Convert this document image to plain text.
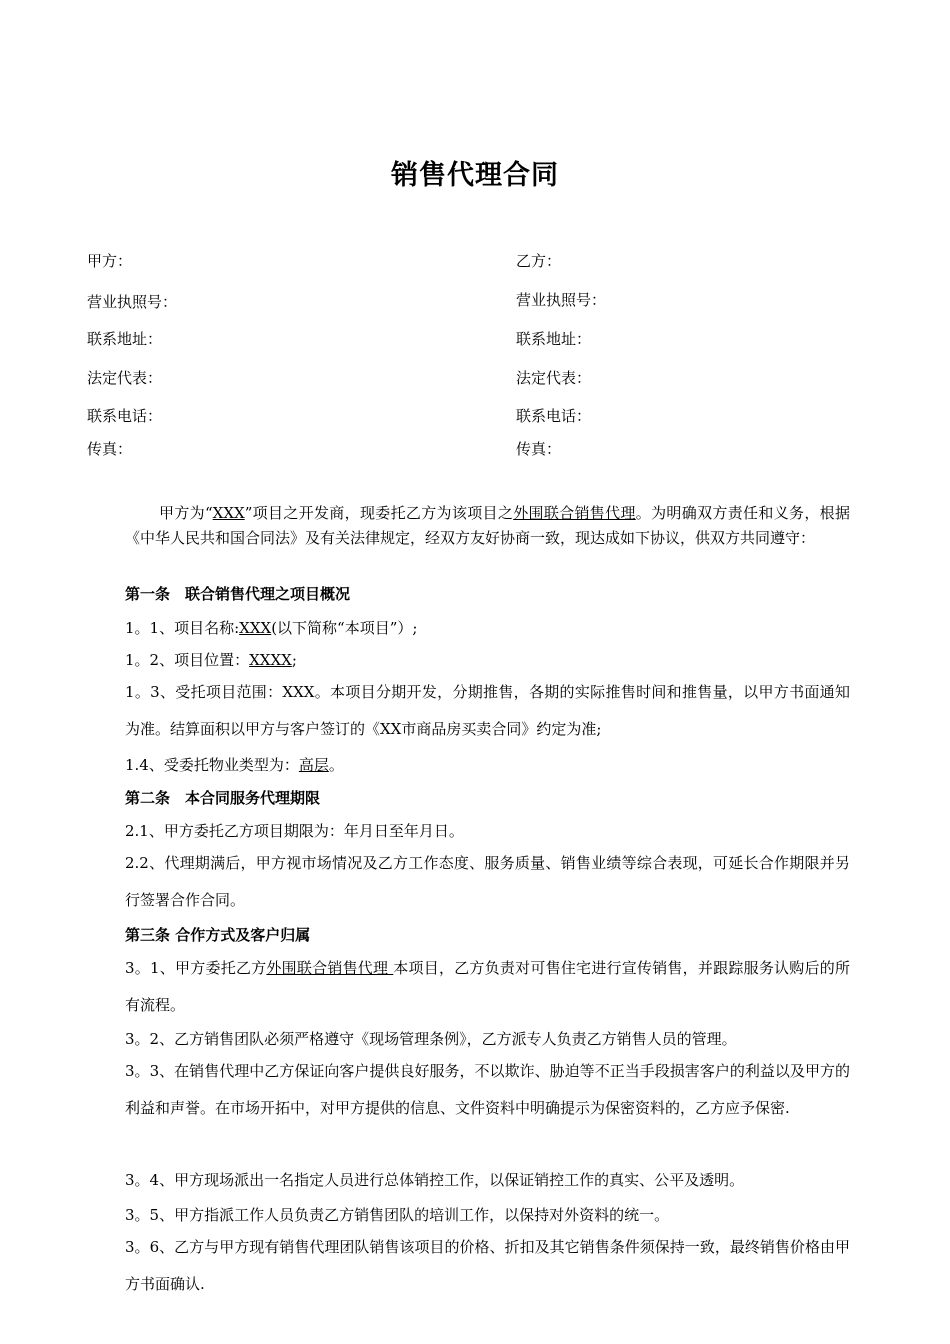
销售代理合同
甲方：
营业执照号：
联系地址：
法定代表：
联系电话：
传真：
乙方：
营业执照号：
联系地址：
法定代表：
联系电话：
传真：
甲方为“XXX”项目之开发商，现委托乙方为该项目之外围联合销售代理。为明确双方责任和义务，根据《中华人民共和国合同法》及有关法律规定，经双方友好协商一致，现达成如下协议，供双方共同遵守：
第一条　联合销售代理之项目概况
1。1、项目名称:XXX(以下简称“本项目”）;
1。2、项目位置：XXXX;
1。3、受托项目范围：XXX。本项目分期开发，分期推售，各期的实际推售时间和推售量，以甲方书面通知为准。结算面积以甲方与客户签订的《XX市商品房买卖合同》约定为准;
1.4、受委托物业类型为：高层。
第二条　本合同服务代理期限
2.1、甲方委托乙方项目期限为：年月日至年月日。
2.2、代理期满后，甲方视市场情况及乙方工作态度、服务质量、销售业绩等综合表现，可延长合作期限并另行签署合作合同。
第三条 合作方式及客户归属
3。1、甲方委托乙方外围联合销售代理 本项目，乙方负责对可售住宅进行宣传销售，并跟踪服务认购后的所有流程。
3。2、乙方销售团队必须严格遵守《现场管理条例》，乙方派专人负责乙方销售人员的管理。
3。3、在销售代理中乙方保证向客户提供良好服务，不以欺诈、胁迫等不正当手段损害客户的利益以及甲方的利益和声誉。在市场开拓中，对甲方提供的信息、文件资料中明确提示为保密资料的，乙方应予保密.
3。4、甲方现场派出一名指定人员进行总体销控工作，以保证销控工作的真实、公平及透明。
3。5、甲方指派工作人员负责乙方销售团队的培训工作，以保持对外资料的统一。
3。6、乙方与甲方现有销售代理团队销售该项目的价格、折扣及其它销售条件须保持一致，最终销售价格由甲方书面确认.
